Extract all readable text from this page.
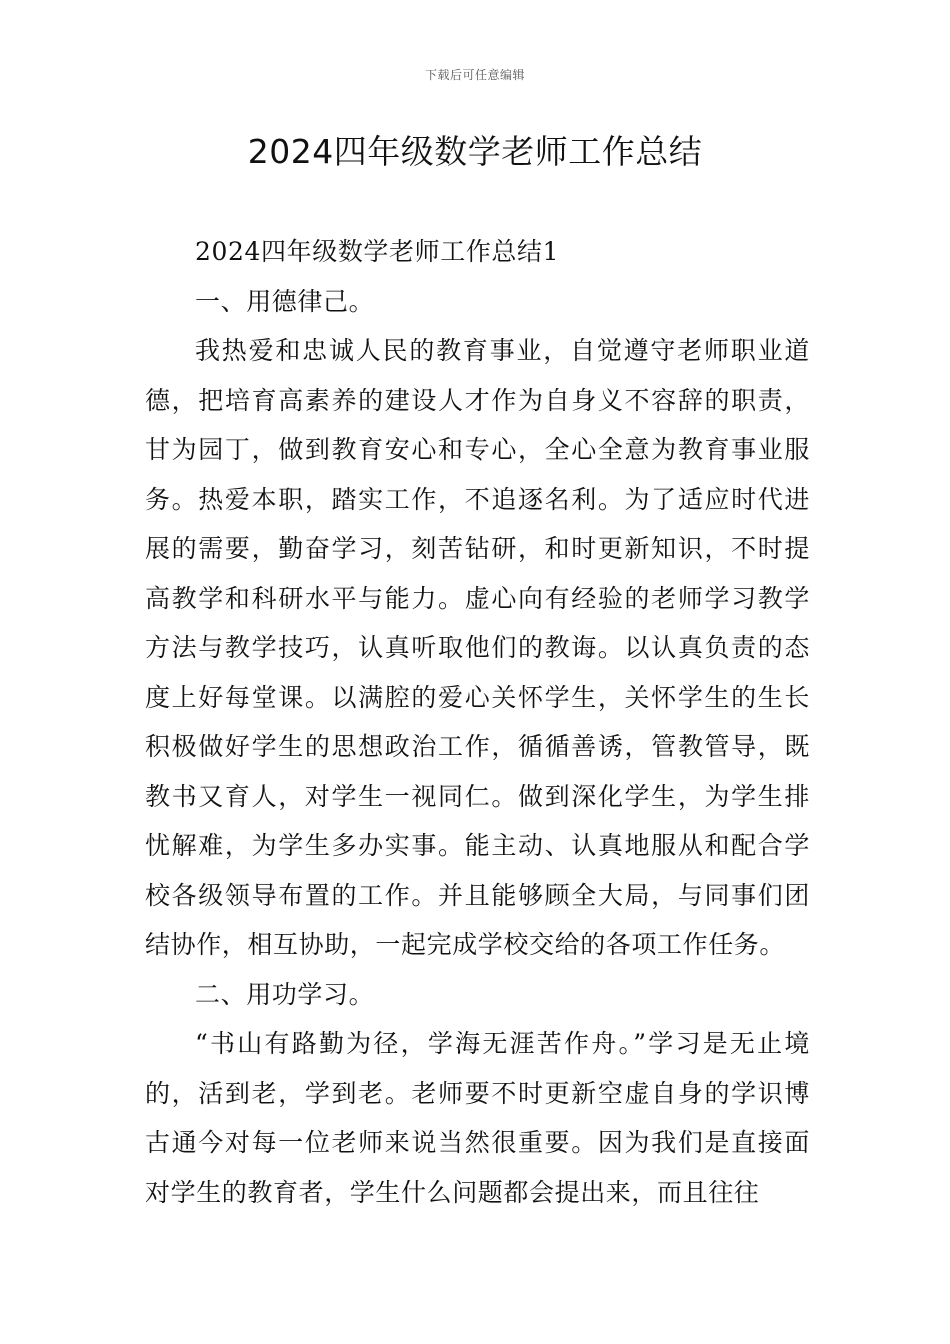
下载后可任意编辑
2024四年级数学老师工作总结

2024四年级数学老师工作总结1

一、用德律己。

我热爱和忠诚人民的教育事业，自觉遵守老师职业道德，把培育高素养的建设人才作为自身义不容辞的职责，甘为园丁，做到教育安心和专心，全心全意为教育事业服务。热爱本职，踏实工作，不追逐名利。为了适应时代进展的需要，勤奋学习，刻苦钻研，和时更新知识，不时提高教学和科研水平与能力。虚心向有经验的老师学习教学方法与教学技巧，认真听取他们的教诲。以认真负责的态度上好每堂课。以满腔的爱心关怀学生，关怀学生的生长积极做好学生的思想政治工作，循循善诱，管教管导，既教书又育人，对学生一视同仁。做到深化学生，为学生排忧解难，为学生多办实事。能主动、认真地服从和配合学校各级领导布置的工作。并且能够顾全大局，与同事们团结协作，相互协助，一起完成学校交给的各项工作任务。

二、用功学习。

“书山有路勤为径，学海无涯苦作舟。”学习是无止境的，活到老，学到老。老师要不时更新空虚自身的学识博古通今对每一位老师来说当然很重要。因为我们是直接面对学生的教育者，学生什么问题都会提出来，而且往往
